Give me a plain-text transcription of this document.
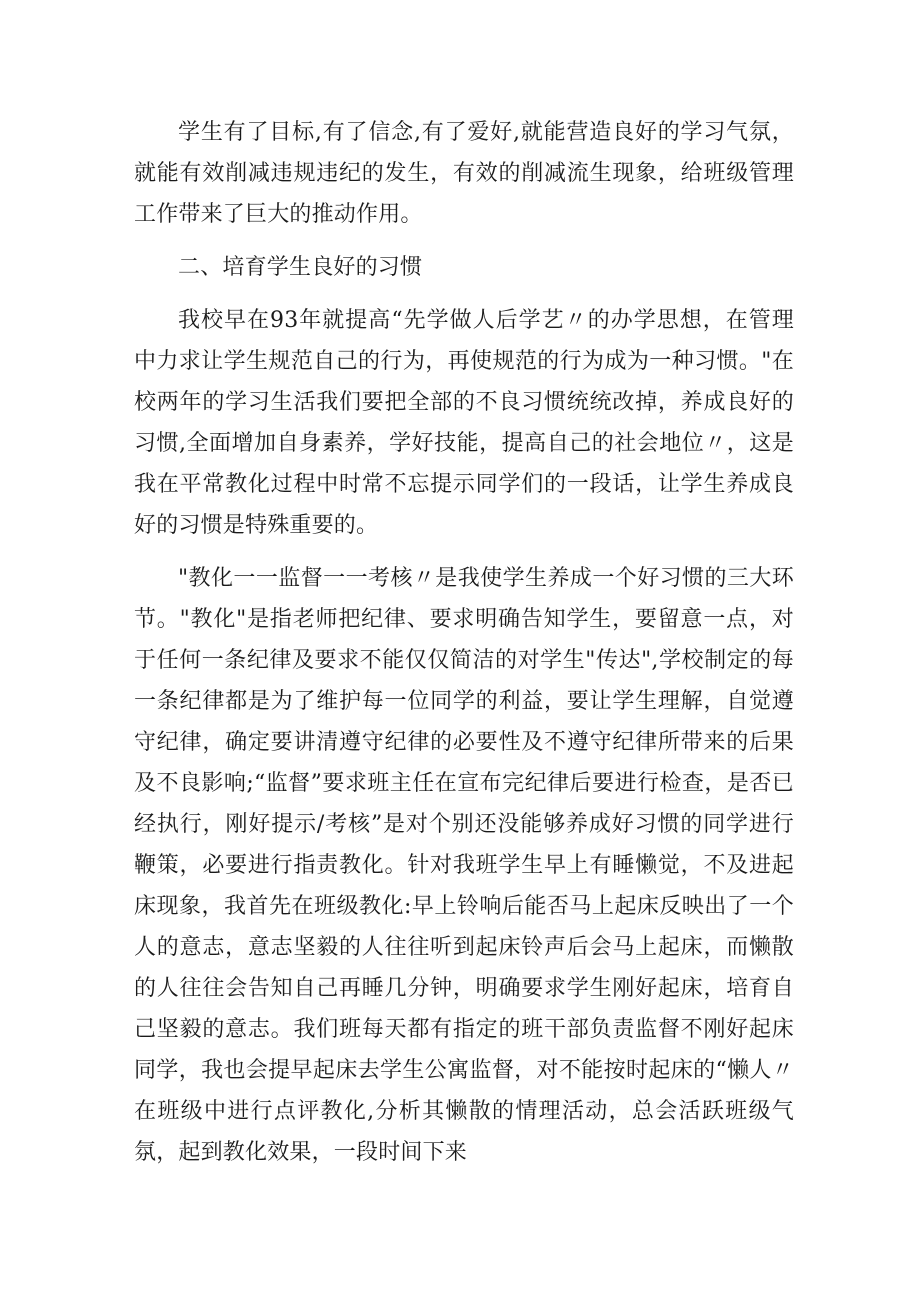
学生有了目标,有了信念,有了爱好,就能营造良好的学习气氛，就能有效削减违规违纪的发生，有效的削减流生现象，给班级管理工作带来了巨大的推动作用。

二、培育学生良好的习惯

我校早在93年就提高“先学做人后学艺〃的办学思想，在管理中力求让学生规范自己的行为，再使规范的行为成为一种习惯。"在校两年的学习生活我们要把全部的不良习惯统统改掉，养成良好的习惯,全面增加自身素养，学好技能，提高自己的社会地位〃，这是我在平常教化过程中时常不忘提示同学们的一段话，让学生养成良好的习惯是特殊重要的。

"教化一一监督一一考核〃是我使学生养成一个好习惯的三大环节。"教化"是指老师把纪律、要求明确告知学生，要留意一点，对于任何一条纪律及要求不能仅仅简洁的对学生"传达",学校制定的每一条纪律都是为了维护每一位同学的利益，要让学生理解，自觉遵守纪律，确定要讲清遵守纪律的必要性及不遵守纪律所带来的后果及不良影响;“监督”要求班主任在宣布完纪律后要进行检查，是否已经执行，刚好提示/考核”是对个别还没能够养成好习惯的同学进行鞭策，必要进行指责教化。针对我班学生早上有睡懒觉，不及进起床现象，我首先在班级教化:早上铃响后能否马上起床反映出了一个人的意志，意志坚毅的人往往听到起床铃声后会马上起床，而懒散的人往往会告知自己再睡几分钟，明确要求学生刚好起床，培育自己坚毅的意志。我们班每天都有指定的班干部负责监督不刚好起床同学，我也会提早起床去学生公寓监督，对不能按时起床的“懒人〃在班级中进行点评教化,分析其懒散的情理活动，总会活跃班级气氛，起到教化效果，一段时间下来
